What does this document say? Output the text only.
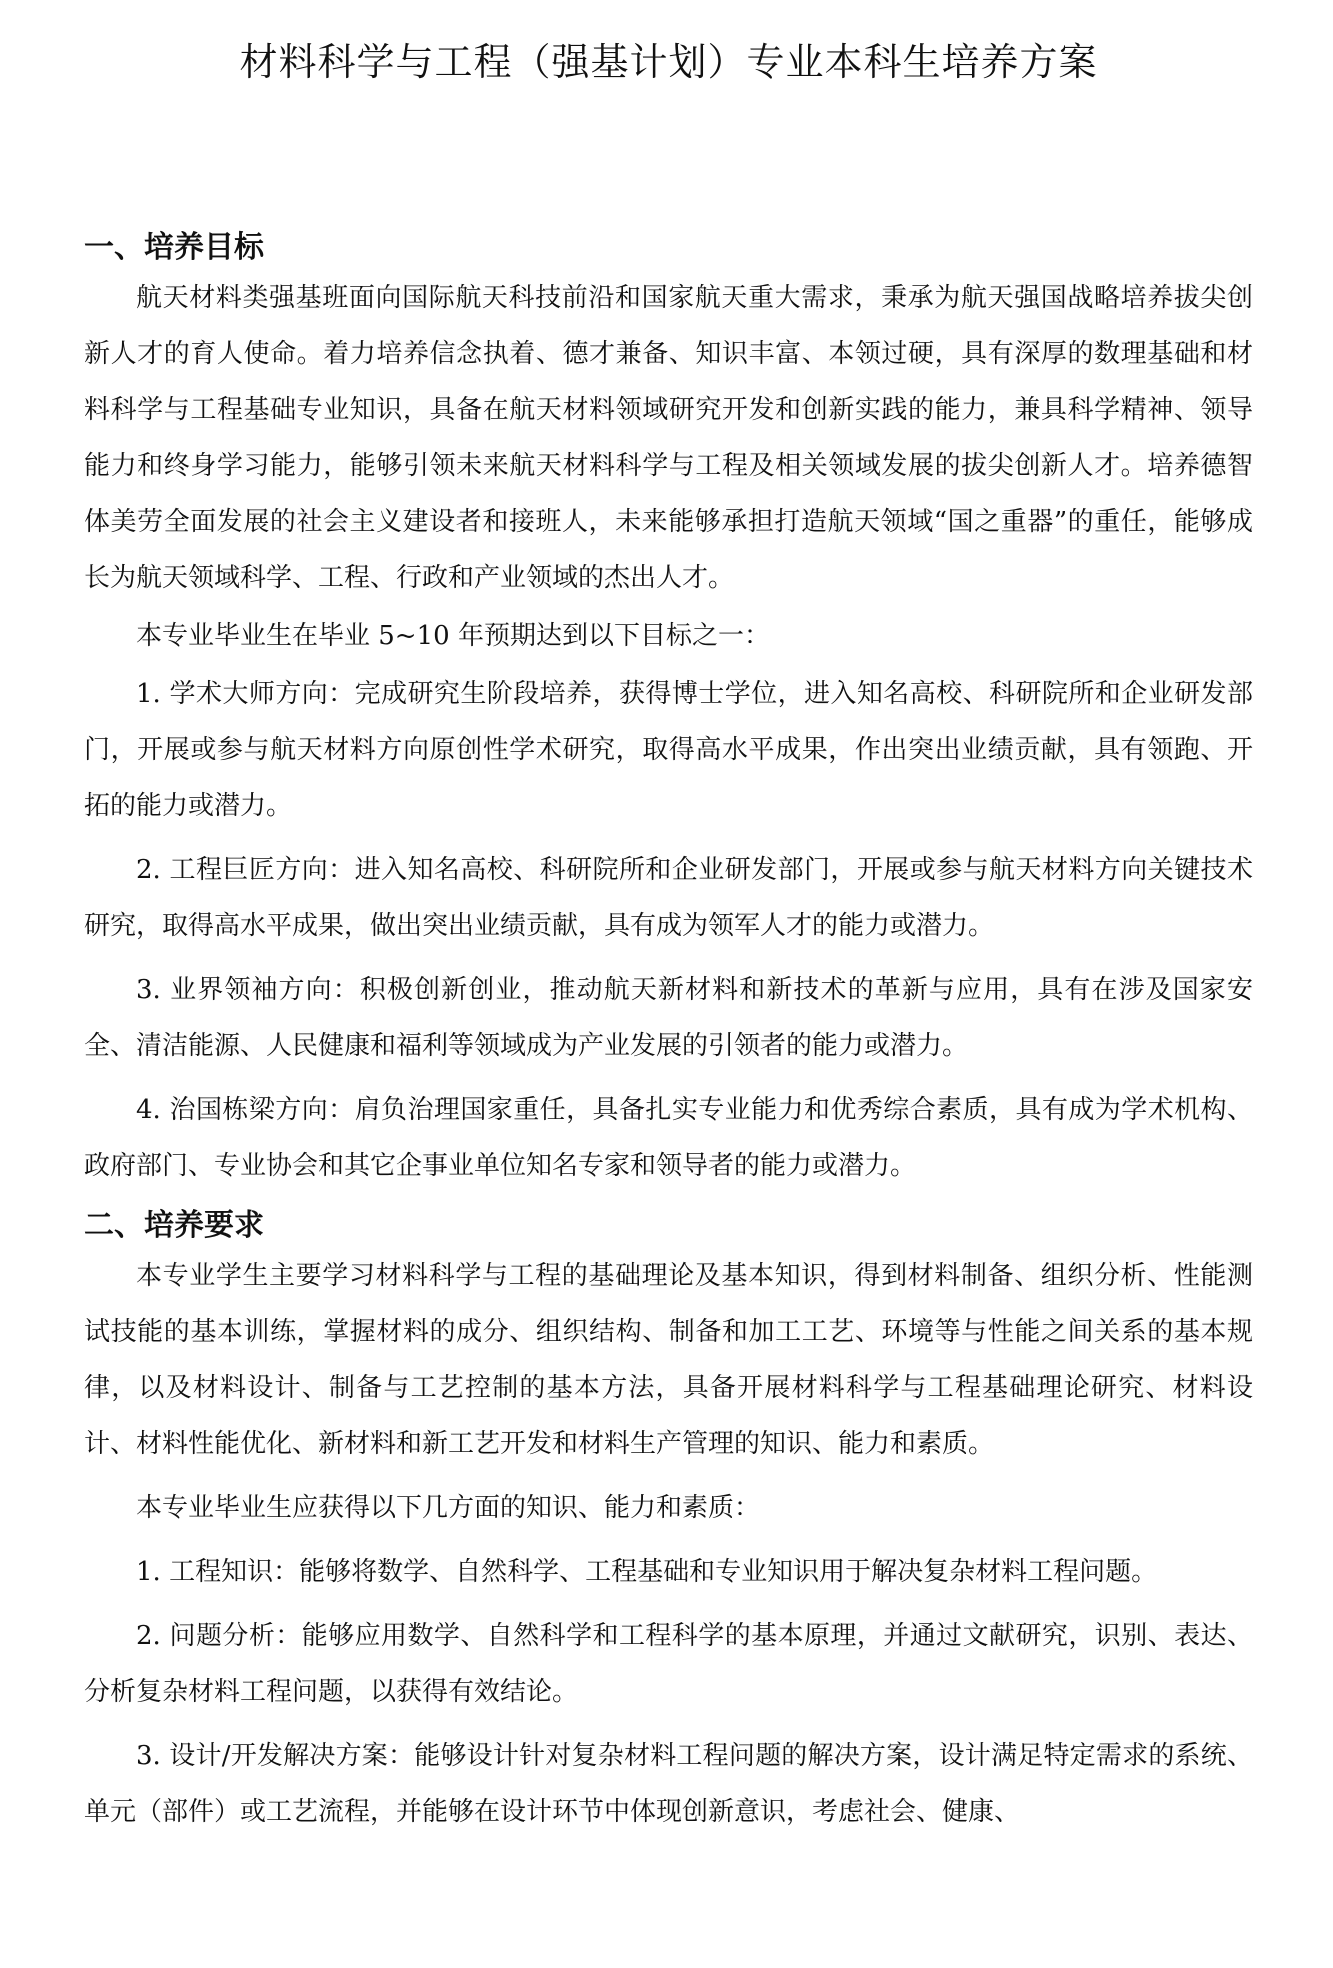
材料科学与工程（强基计划）专业本科生培养方案
一、培养目标

航天材料类强基班面向国际航天科技前沿和国家航天重大需求，秉承为航天强国战略培养拔尖创新人才的育人使命。着力培养信念执着、德才兼备、知识丰富、本领过硬，具有深厚的数理基础和材料科学与工程基础专业知识，具备在航天材料领域研究开发和创新实践的能力，兼具科学精神、领导能力和终身学习能力，能够引领未来航天材料科学与工程及相关领域发展的拔尖创新人才。培养德智体美劳全面发展的社会主义建设者和接班人，未来能够承担打造航天领域“国之重器”的重任，能够成长为航天领域科学、工程、行政和产业领域的杰出人才。

本专业毕业生在毕业 5~10 年预期达到以下目标之一：

1. 学术大师方向：完成研究生阶段培养，获得博士学位，进入知名高校、科研院所和企业研发部门，开展或参与航天材料方向原创性学术研究，取得高水平成果，作出突出业绩贡献，具有领跑、开拓的能力或潜力。

2. 工程巨匠方向：进入知名高校、科研院所和企业研发部门，开展或参与航天材料方向关键技术研究，取得高水平成果，做出突出业绩贡献，具有成为领军人才的能力或潜力。

3. 业界领袖方向：积极创新创业，推动航天新材料和新技术的革新与应用，具有在涉及国家安全、清洁能源、人民健康和福利等领域成为产业发展的引领者的能力或潜力。

4. 治国栋梁方向：肩负治理国家重任，具备扎实专业能力和优秀综合素质，具有成为学术机构、政府部门、专业协会和其它企事业单位知名专家和领导者的能力或潜力。

二、培养要求

本专业学生主要学习材料科学与工程的基础理论及基本知识，得到材料制备、组织分析、性能测试技能的基本训练，掌握材料的成分、组织结构、制备和加工工艺、环境等与性能之间关系的基本规律，以及材料设计、制备与工艺控制的基本方法，具备开展材料科学与工程基础理论研究、材料设计、材料性能优化、新材料和新工艺开发和材料生产管理的知识、能力和素质。

本专业毕业生应获得以下几方面的知识、能力和素质：

1. 工程知识：能够将数学、自然科学、工程基础和专业知识用于解决复杂材料工程问题。

2. 问题分析：能够应用数学、自然科学和工程科学的基本原理，并通过文献研究，识别、表达、分析复杂材料工程问题，以获得有效结论。

3. 设计/开发解决方案：能够设计针对复杂材料工程问题的解决方案，设计满足特定需求的系统、单元（部件）或工艺流程，并能够在设计环节中体现创新意识，考虑社会、健康、
